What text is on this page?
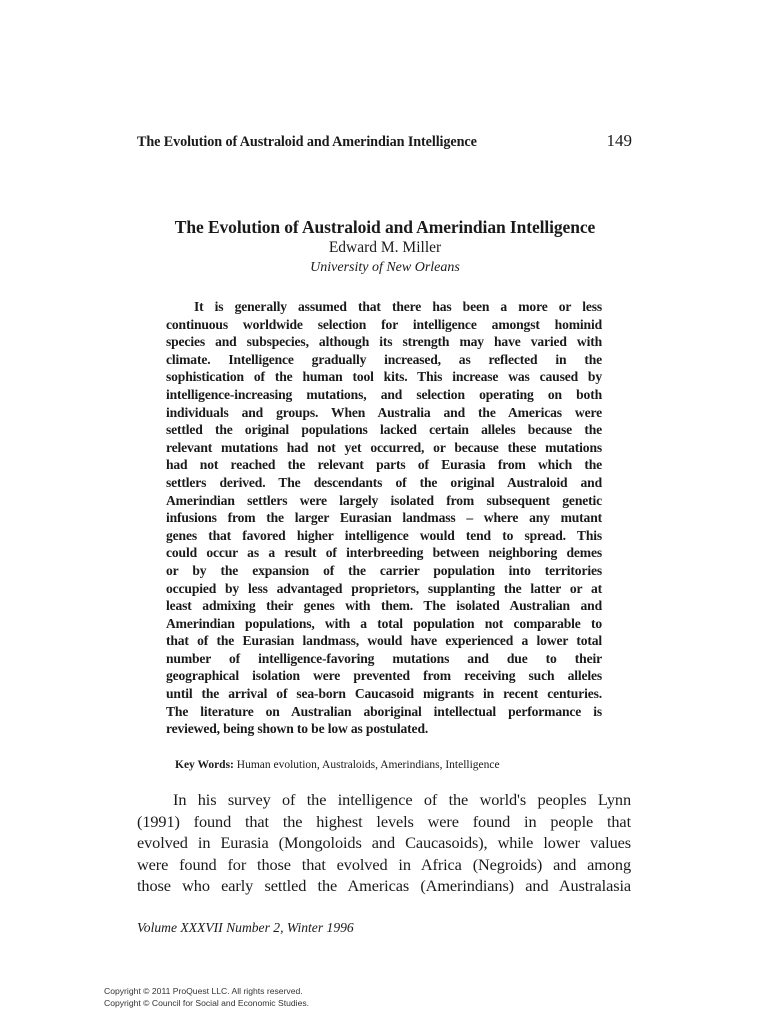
The Evolution of Australoid and Amerindian Intelligence	149
The Evolution of Australoid and Amerindian Intelligence
Edward M. Miller
University of New Orleans
It is generally assumed that there has been a more or less
continuous worldwide selection for intelligence amongst hominid
species and subspecies, although its strength may have varied with
climate. Intelligence gradually increased, as reflected in the
sophistication of the human tool kits. This increase was caused by
intelligence-increasing mutations, and selection operating on both
individuals and groups. When Australia and the Americas were
settled the original populations lacked certain alleles because the
relevant mutations had not yet occurred, or because these mutations
had not reached the relevant parts of Eurasia from which the
settlers derived. The descendants of the original Australoid and
Amerindian settlers were largely isolated from subsequent genetic
infusions from the larger Eurasian landmass – where any mutant
genes that favored higher intelligence would tend to spread. This
could occur as a result of interbreeding between neighboring demes
or by the expansion of the carrier population into territories
occupied by less advantaged proprietors, supplanting the latter or at
least admixing their genes with them. The isolated Australian and
Amerindian populations, with a total population not comparable to
that of the Eurasian landmass, would have experienced a lower total
number of intelligence-favoring mutations and due to their
geographical isolation were prevented from receiving such alleles
until the arrival of sea-born Caucasoid migrants in recent centuries.
The literature on Australian aboriginal intellectual performance is
reviewed, being shown to be low as postulated.
Key Words: Human evolution, Australoids, Amerindians, Intelligence
In his survey of the intelligence of the world's peoples Lynn
(1991) found that the highest levels were found in people that
evolved in Eurasia (Mongoloids and Caucasoids), while lower values
were found for those that evolved in Africa (Negroids) and among
those who early settled the Americas (Amerindians) and Australasia
Volume XXXVII Number 2, Winter 1996
Copyright © 2011 ProQuest LLC. All rights reserved.
Copyright © Council for Social and Economic Studies.
